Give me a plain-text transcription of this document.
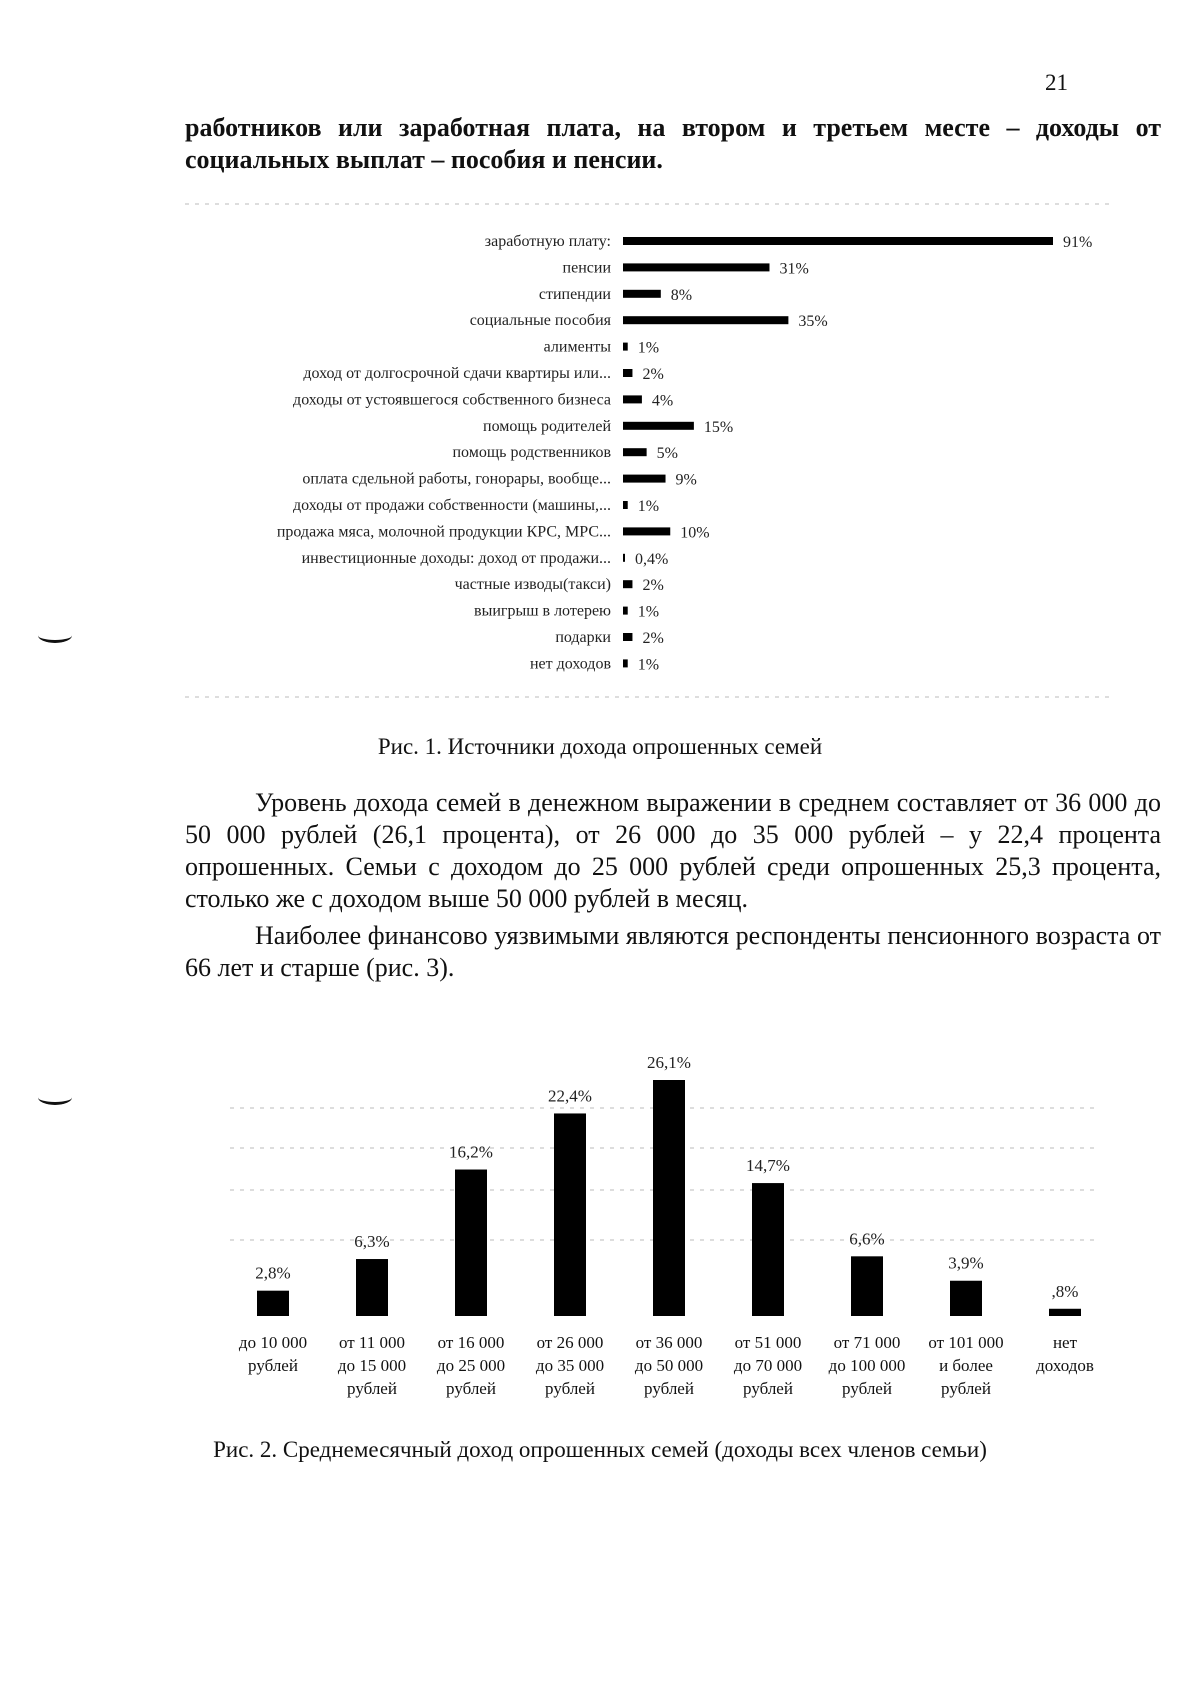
21

работников или заработная плата, на втором и третьем месте – доходы от социальных выплат – пособия и пенсии.

заработную плату:	91%
пенсии	31%
стипендии	8%
социальные пособия	35%
алименты 1%
доход от долгосрочной сдачи квартиры или... 2%
доходы от устоявшегося собственного бизнеса	4%
помощь родителей	15%
помощь родственников	5%
оплата сдельной работы, гонорары, вообще...	9%
доходы от продажи собственности (машины,... 1%
продажа мяса, молочной продукции КРС, МРС...	10%
инвестиционные доходы: доход от продажи... 0,4%
частные изводы(такси) 2%
выигрыш в лотерею 1%
подарки 2%
нет доходов 1%
Рис. 1. Источники дохода опрошенных семей

Уровень дохода семей в денежном выражении в среднем составляет от 36 000 до 50 000 рублей (26,1 процента), от 26 000 до 35 000 рублей – у 22,4 процента опрошенных. Семьи с доходом до 25 000 рублей среди опрошенных 25,3 процента, столько же с доходом выше 50 000 рублей в месяц.

Наиболее финансово уязвимыми являются респонденты пенсионного возраста от 66 лет и старше (рис. 3).

2,8%
до 10 000
рублей
6,3%
от 11 000
до 15 000
рублей
16,2%
от 16 000
до 25 000
рублей
22,4%
от 26 000
до 35 000
рублей
26,1%
от 36 000
до 50 000
рублей
14,7%
от 51 000
до 70 000
рублей
6,6%
от 71 000
до 100 000
рублей
3,9%
от 101 000
и более
рублей
,8%
нет
доходов
Рис. 2. Среднемесячный доход опрошенных семей (доходы всех членов семьи)
